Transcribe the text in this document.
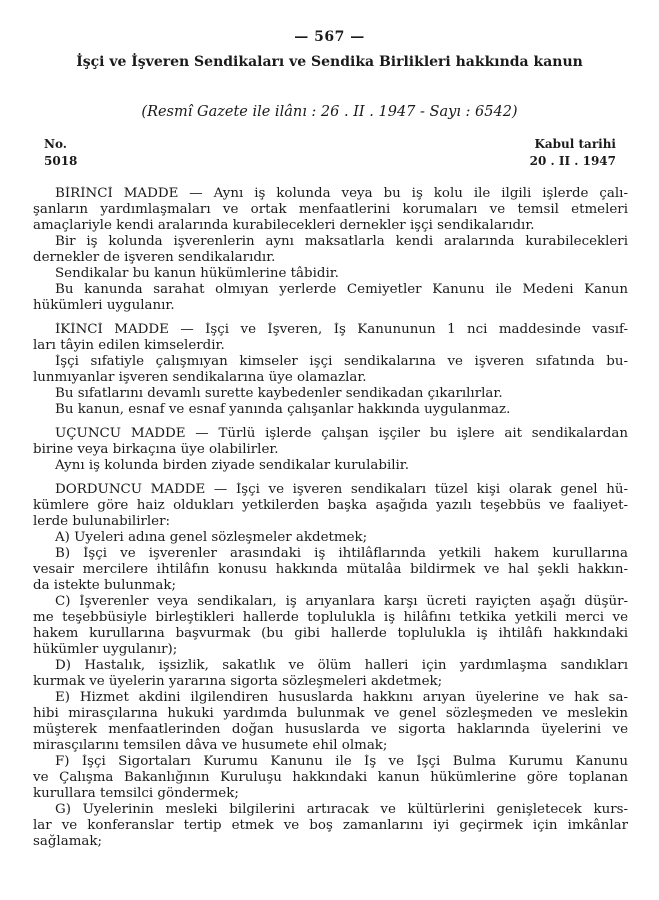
— 567 —
İşçi ve İşveren Sendikaları ve Sendika Birlikleri hakkında kanun
(Resmî Gazete ile ilânı : 26 . II . 1947 - Sayı : 6542)
No.
5018
Kabul tarihi
20 . II . 1947
BİRİNCİ MADDE — Aynı iş kolunda veya bu iş kolu ile ilgili işlerde çalı-
şanların yardımlaşmaları ve ortak menfaatlerini korumaları ve temsil etmeleri
amaçlariyle kendi aralarında kurabilecekleri dernekler işçi sendikalarıdır.
Bir iş kolunda işverenlerin aynı maksatlarla kendi aralarında kurabilecekleri
dernekler de işveren sendikalarıdır.
Sendikalar bu kanun hükümlerine tâbidir.
Bu kanunda sarahat olmıyan yerlerde Cemiyetler Kanunu ile Medeni Kanun
hükümleri uygulanır.
İKİNCİ MADDE — İşçi ve İşveren, İş Kanununun 1 nci maddesinde vasıf-
ları tâyin edilen kimselerdir.
İşçi sıfatiyle çalışmıyan kimseler işçi sendikalarına ve işveren sıfatında bu-
lunmıyanlar işveren sendikalarına üye olamazlar.
Bu sıfatlarını devamlı surette kaybedenler sendikadan çıkarılırlar.
Bu kanun, esnaf ve esnaf yanında çalışanlar hakkında uygulanmaz.
ÜÇÜNCÜ MADDE — Türlü işlerde çalışan işçiler bu işlere ait sendikalardan
birine veya birkaçına üye olabilirler.
Aynı iş kolunda birden ziyade sendikalar kurulabilir.
DÖRDÜNCÜ MADDE — İşçi ve işveren sendikaları tüzel kişi olarak genel hü-
kümlere göre haiz oldukları yetkilerden başka aşağıda yazılı teşebbüs ve faaliyet-
lerde bulunabilirler:
A) Üyeleri adına genel sözleşmeler akdetmek;
B) İşçi ve işverenler arasındaki iş ihtilâflarında yetkili hakem kurullarına
vesair mercilere ihtilâfın konusu hakkında mütalâa bildirmek ve hal şekli hakkın-
da istekte bulunmak;
C) İşverenler veya sendikaları, iş arıyanlara karşı ücreti rayiçten aşağı düşür-
me teşebbüsiyle birleştikleri hallerde toplulukla iş hilâfını tetkika yetkili merci ve
hakem kurullarına başvurmak (bu gibi hallerde toplulukla iş ihtilâfı hakkındaki
hükümler uygulanır);
D) Hastalık, işsizlik, sakatlık ve ölüm halleri için yardımlaşma sandıkları
kurmak ve üyelerin yararına sigorta sözleşmeleri akdetmek;
E) Hizmet akdini ilgilendiren hususlarda hakkını arıyan üyelerine ve hak sa-
hibi mirasçılarına hukuki yardımda bulunmak ve genel sözleşmeden ve meslekin
müşterek menfaatlerinden doğan hususlarda ve sigorta haklarında üyelerini ve
mirasçılarını temsilen dâva ve husumete ehil olmak;
F) İşçi Sigortaları Kurumu Kanunu ile İş ve İşçi Bulma Kurumu Kanunu
ve Çalışma Bakanlığının Kuruluşu hakkındaki kanun hükümlerine göre toplanan
kurullara temsilci göndermek;
G) Üyelerinin mesleki bilgilerini artıracak ve kültürlerini genişletecek kurs-
lar ve konferanslar tertip etmek ve boş zamanlarını iyi geçirmek için imkânlar
sağlamak;
